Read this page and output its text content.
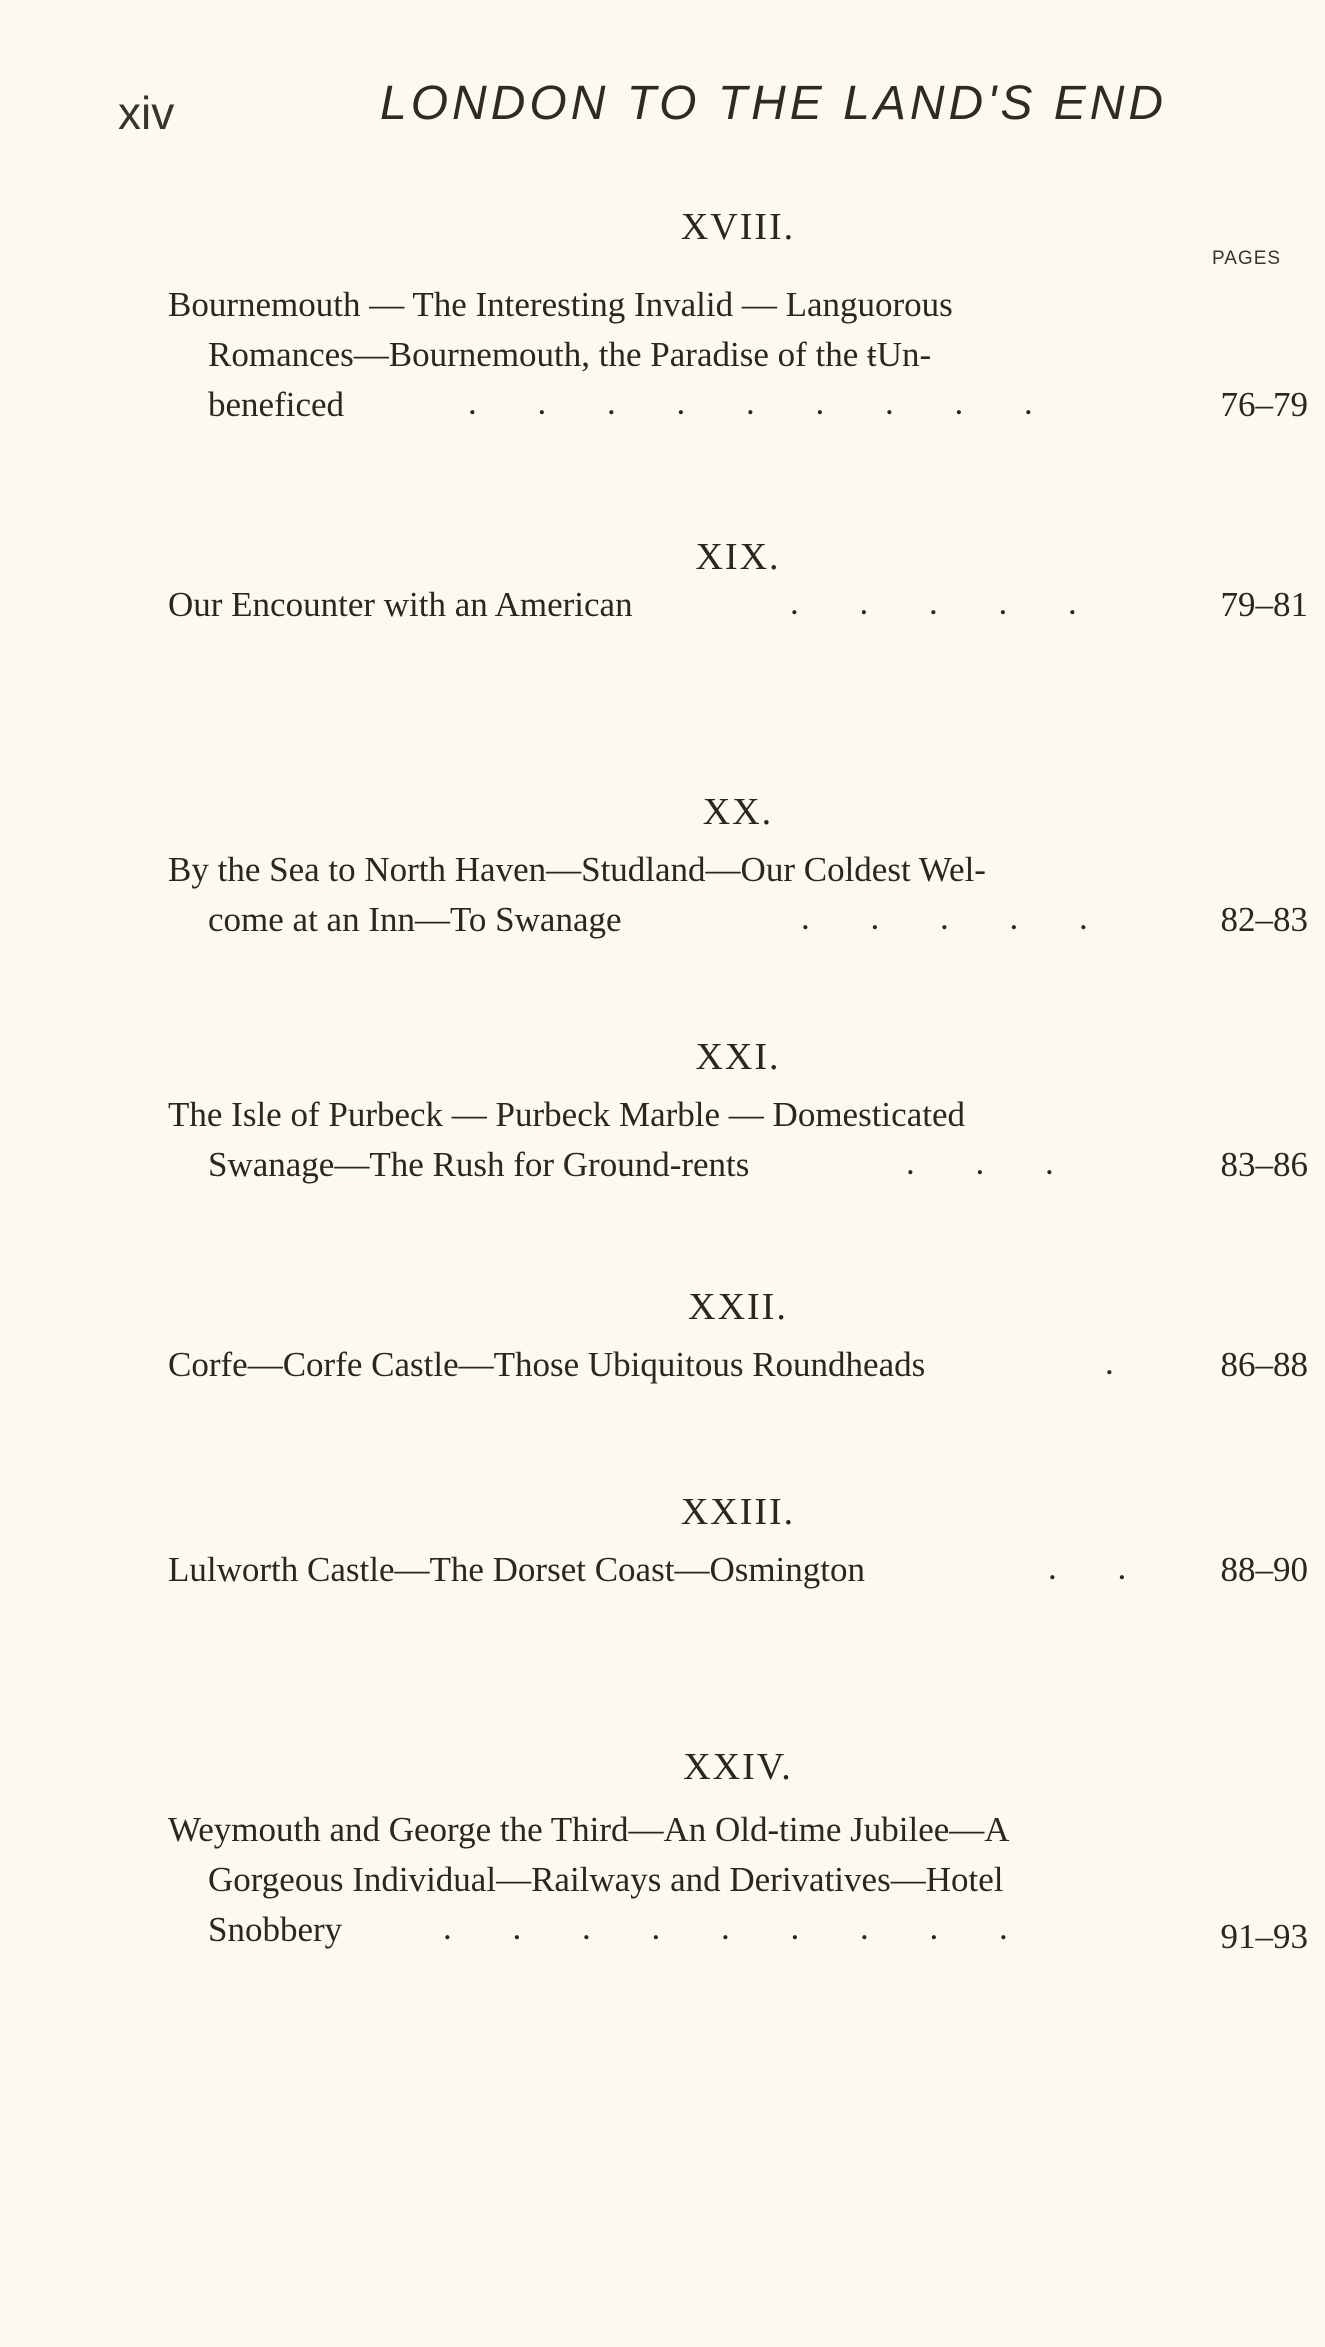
xiv	LONDON TO THE LAND'S END
PAGES
XVIII.
Bournemouth — The Interesting Invalid — Languorous
Romances—Bournemouth, the Paradise of the ŧUn-
beneficed	. . . . . . . . .	76–79
XIX.
Our Encounter with an American	. . . . .	79–81
XX.
By the Sea to North Haven—Studland—Our Coldest Wel-
come at an Inn—To Swanage	. . . . .	82–83
XXI.
The Isle of Purbeck — Purbeck Marble — Domesticated
Swanage—The Rush for Ground-rents	. . .	83–86
XXII.
Corfe—Corfe Castle—Those Ubiquitous Roundheads	. 86–88
XXIII.
Lulworth Castle—The Dorset Coast—Osmington	. . 88–90
XXIV.
Weymouth and George the Third—An Old-time Jubilee—A
Gorgeous Individual—Railways and Derivatives—Hotel
Snobbery	. . . . . . . . .	91–93
